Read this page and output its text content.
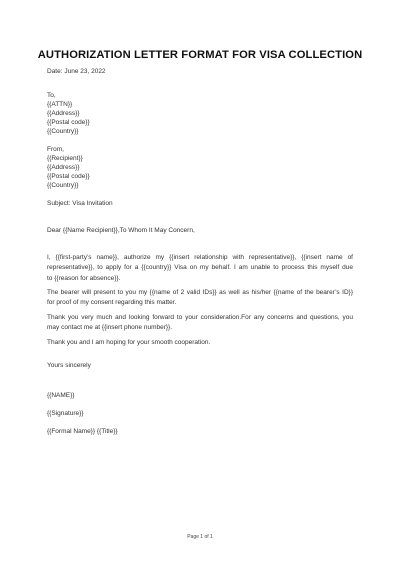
AUTHORIZATION LETTER FORMAT FOR VISA COLLECTION
Date: June 23, 2022
To,
{{ATTN}}
{{Address}}
{{Postal code}}
{{Country}}
From,
{{Recipient}}
{{Address}}
{{Postal code}}
{{Country}}
Subject: Visa Invitation
Dear {{Name Recipient}},To Whom It May Concern,
I, {{first-party’s name}}, authorize my {{insert relationship with representative}}, {{insert name of
representative}}, to apply for a {{country}} Visa on my behalf. I am unable to process this myself due
to {{reason for absence}}.
The bearer will present to you my {{name of 2 valid IDs}} as well as his/her {{name of the bearer’s ID}}
for proof of my consent regarding this matter.
Thank you very much and looking forward to your consideration.For any concerns and questions, you
may contact me at {{insert phone number}}.
Thank you and I am hoping for your smooth cooperation.
Yours sincerely
{{NAME}}
{{Signature}}
{{Formal Name}} {{Title}}
Page 1 of 1
